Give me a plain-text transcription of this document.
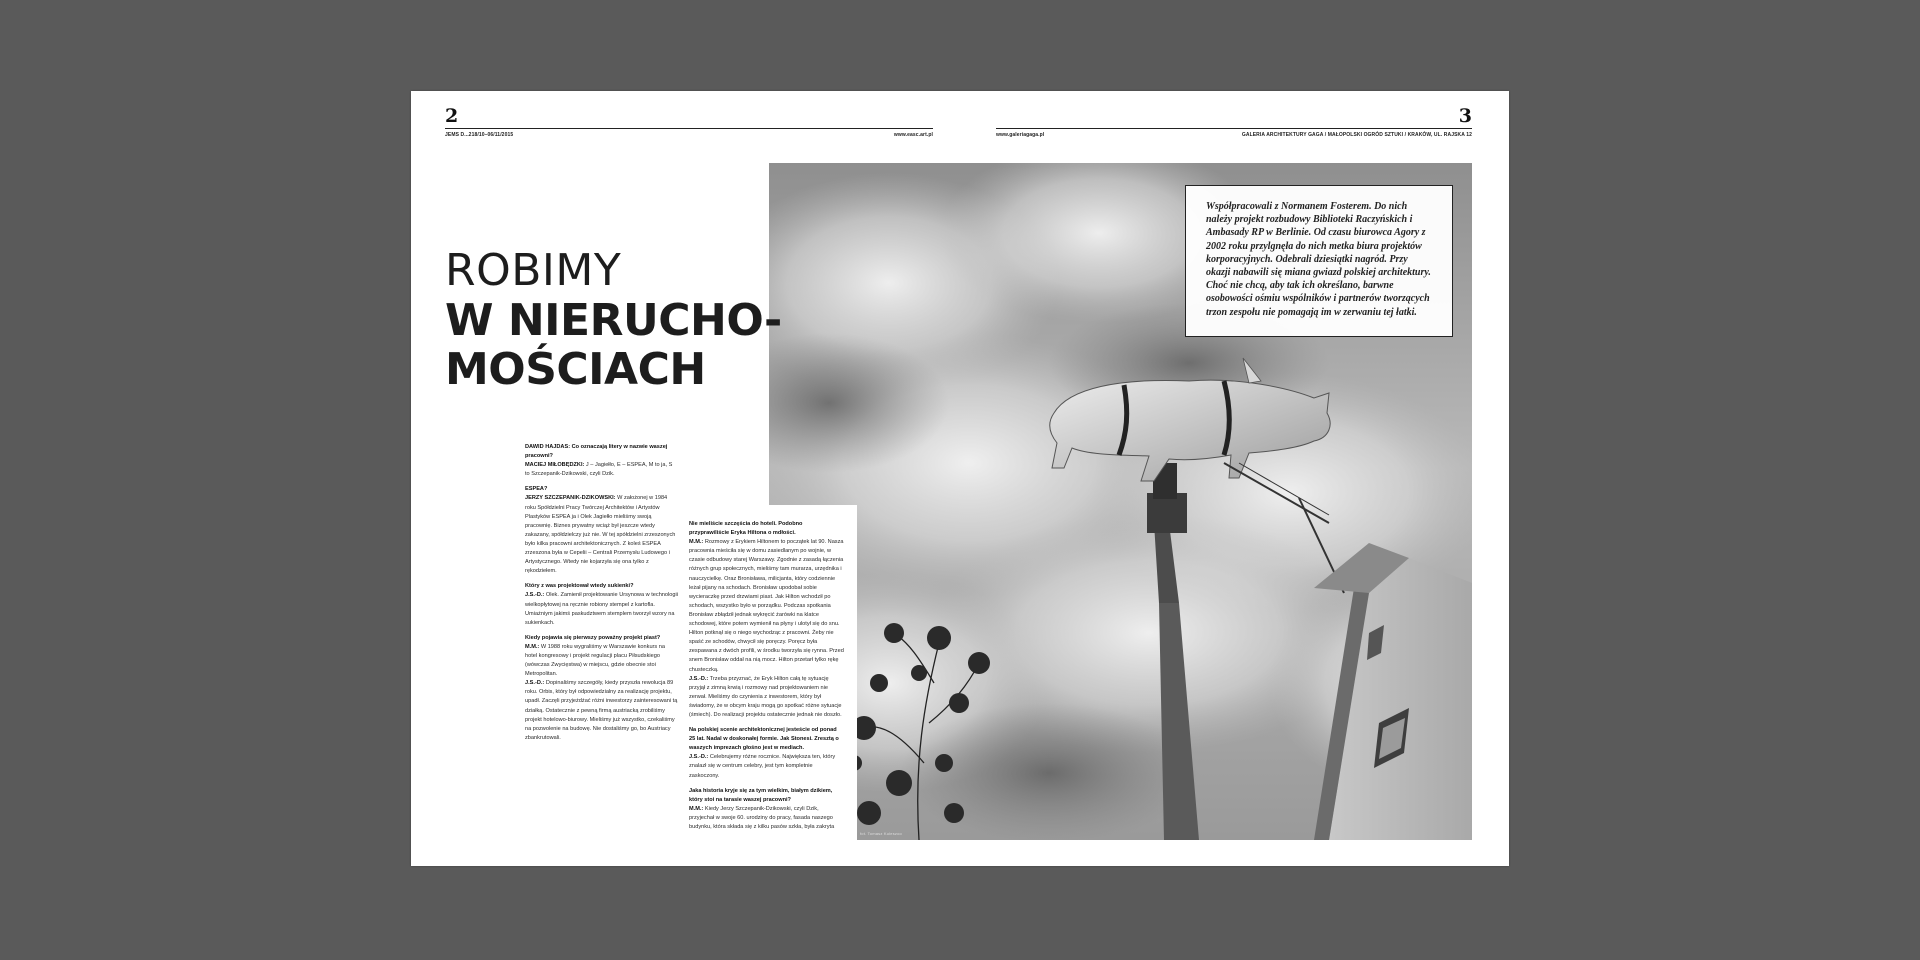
2
JEMS D...218/10–06/11/2015	www.easc.art.pl
3
www.galeriagaga.pl	GALERIA ARCHITEKTURY GAGA / MAŁOPOLSKI OGRÓD SZTUKI / KRAKÓW, UL. RAJSKA 12
ROBIMY
W NIERUCHO-
MOŚCIACH

DAWID HAJDAS: Co oznaczają litery w nazwie waszej pracowni?
MACIEJ MIŁOBĘDZKI: J – Jagiełło, E – ESPEA, M to ja, S to Szczepanik-Dzikowski, czyli Dzik.

ESPEA?
JERZY SZCZEPANIK-DZIKOWSKI: W założonej w 1984 roku Spółdzielni Pracy Twórczej Architektów i Artystów Plastyków ESPEA ja i Olek Jagiełło mieliśmy swoją pracownię. Biznes prywatny wciąż był jeszcze wtedy zakazany, spółdzielczy już nie. W tej spółdzielni zrzeszonych było kilka pracowni architektonicznych. Z koleś ESPEA zrzeszona była w Cepelii – Centrali Przemysłu Ludowego i Artystycznego. Wtedy nie kojarzyła się ona tylko z rękodziełem.

Który z was projektował wtedy sukienki?
J.S.-D.: Olek. Zamienił projektowanie Ursynowa w technologii wielkopłytowej na ręcznie robiony stempel z kartofla. Umiażniym jakimś paskudztwem stemplem tworzył wzory na sukienkach.

Kiedy pojawia się pierwszy poważny projekt piast?
M.M.: W 1988 roku wygraliśmy w Warszawie konkurs na hotel kongresowy i projekt regulacji placu Piłsudskiego (wówczas Zwycięstwa) w miejscu, gdzie obecnie stoi Metropolitan.

J.S.-D.: Dopinaliśmy szczegóły, kiedy przyszła rewolucja 89 roku. Orbis, który był odpowiedzialny za realizację projektu, upadł. Zaczęli przyjeżdżać różni inwestorzy zainteresowani tą działką. Ostatecznie z pewną firmą austriacką zrobiliśmy projekt hotelowo-biurowy. Mieliśmy już wszystko, czekaliśmy na pozwolenie na budowę. Nie dostaliśmy go, bo Austriacy zbankrutowali.

Nie mieliście szczęścia do hoteli. Podobno przyprawiliście Eryka Hiltona o mdłości.
M.M.: Rozmowy z Erykiem Hiltonem to początek lat 90. Nasza pracownia mieściła się w domu zasiedlanym po wojnie, w czasie odbudowy starej Warszawy. Zgodnie z zasadą łączenia różnych grup społecznych, mieliśmy tam murarza, urzędnika i nauczycielkę. Oraz Bronisława, milicjanta, który codziennie leżał pijany na schodach. Bronisław upodobał sobie wycieraczkę przed drzwiami piast. Jak Hilton wchodził po schodach, wszystko było w porządku. Podczas spotkania Bronisław zbłądził jednak wykręcić żarówki na klatce schodowej, które potem wymienił na płyny i ulotył się do snu. Hilton potknął się o niego wychodząc z pracowni. Żeby nie spaść ze schodów, chwycił się poręczy. Poręcz była zespawana z dwóch profili, w środku tworzyła się rynna. Przed snem Bronisław oddał na nią mocz. Hilton przetarł tylko rękę chusteczką.

J.S.-D.: Trzeba przyznać, że Eryk Hilton całą tę sytuację przyjął z zimną krwią i rozmowy nad projektowaniem nie zerwał. Mieliśmy do czynienia z inwestorem, który był świadomy, że w obcym kraju mogą go spotkać różne sytuacje (śmiech). Do realizacji projektu ostatecznie jednak nie doszło.

Na polskiej scenie architektonicznej jesteście od ponad 25 lat. Nadal w doskonałej formie. Jak Stonesi. Zresztą o waszych imprezach głośno jest w mediach.
J.S.-D.: Celebrujemy różne rocznice. Największa ten, który znalazł się w centrum celebry, jest tym kompletnie zaskoczony.

Jaka historia kryje się za tym wielkim, białym dzikiem, który stoi na tarasie waszej pracowni?
M.M.: Kiedy Jerzy Szczepanik-Dzikowski, czyli Dzik, przyjechał w swoje 60. urodziny do pracy, fasada naszego budynku, która składa się z kilku pasów szkła, była zakryta

Współpracowali z Normanem Fosterem. Do nich należy projekt rozbudowy Biblioteki Raczyńskich i Ambasady RP w Berlinie. Od czasu biurowca Agory z 2002 roku przylgnęła do nich metka biura projektów korporacyjnych. Odebrali dziesiątki nagród. Przy okazji nabawili się miana gwiazd polskiej architektury. Choć nie chcą, aby tak ich określano, barwne osobowości ośmiu wspólników i partnerów tworzących trzon zespołu nie pomagają im w zerwaniu tej łatki.
fot. Tomasz Kuleszoo
